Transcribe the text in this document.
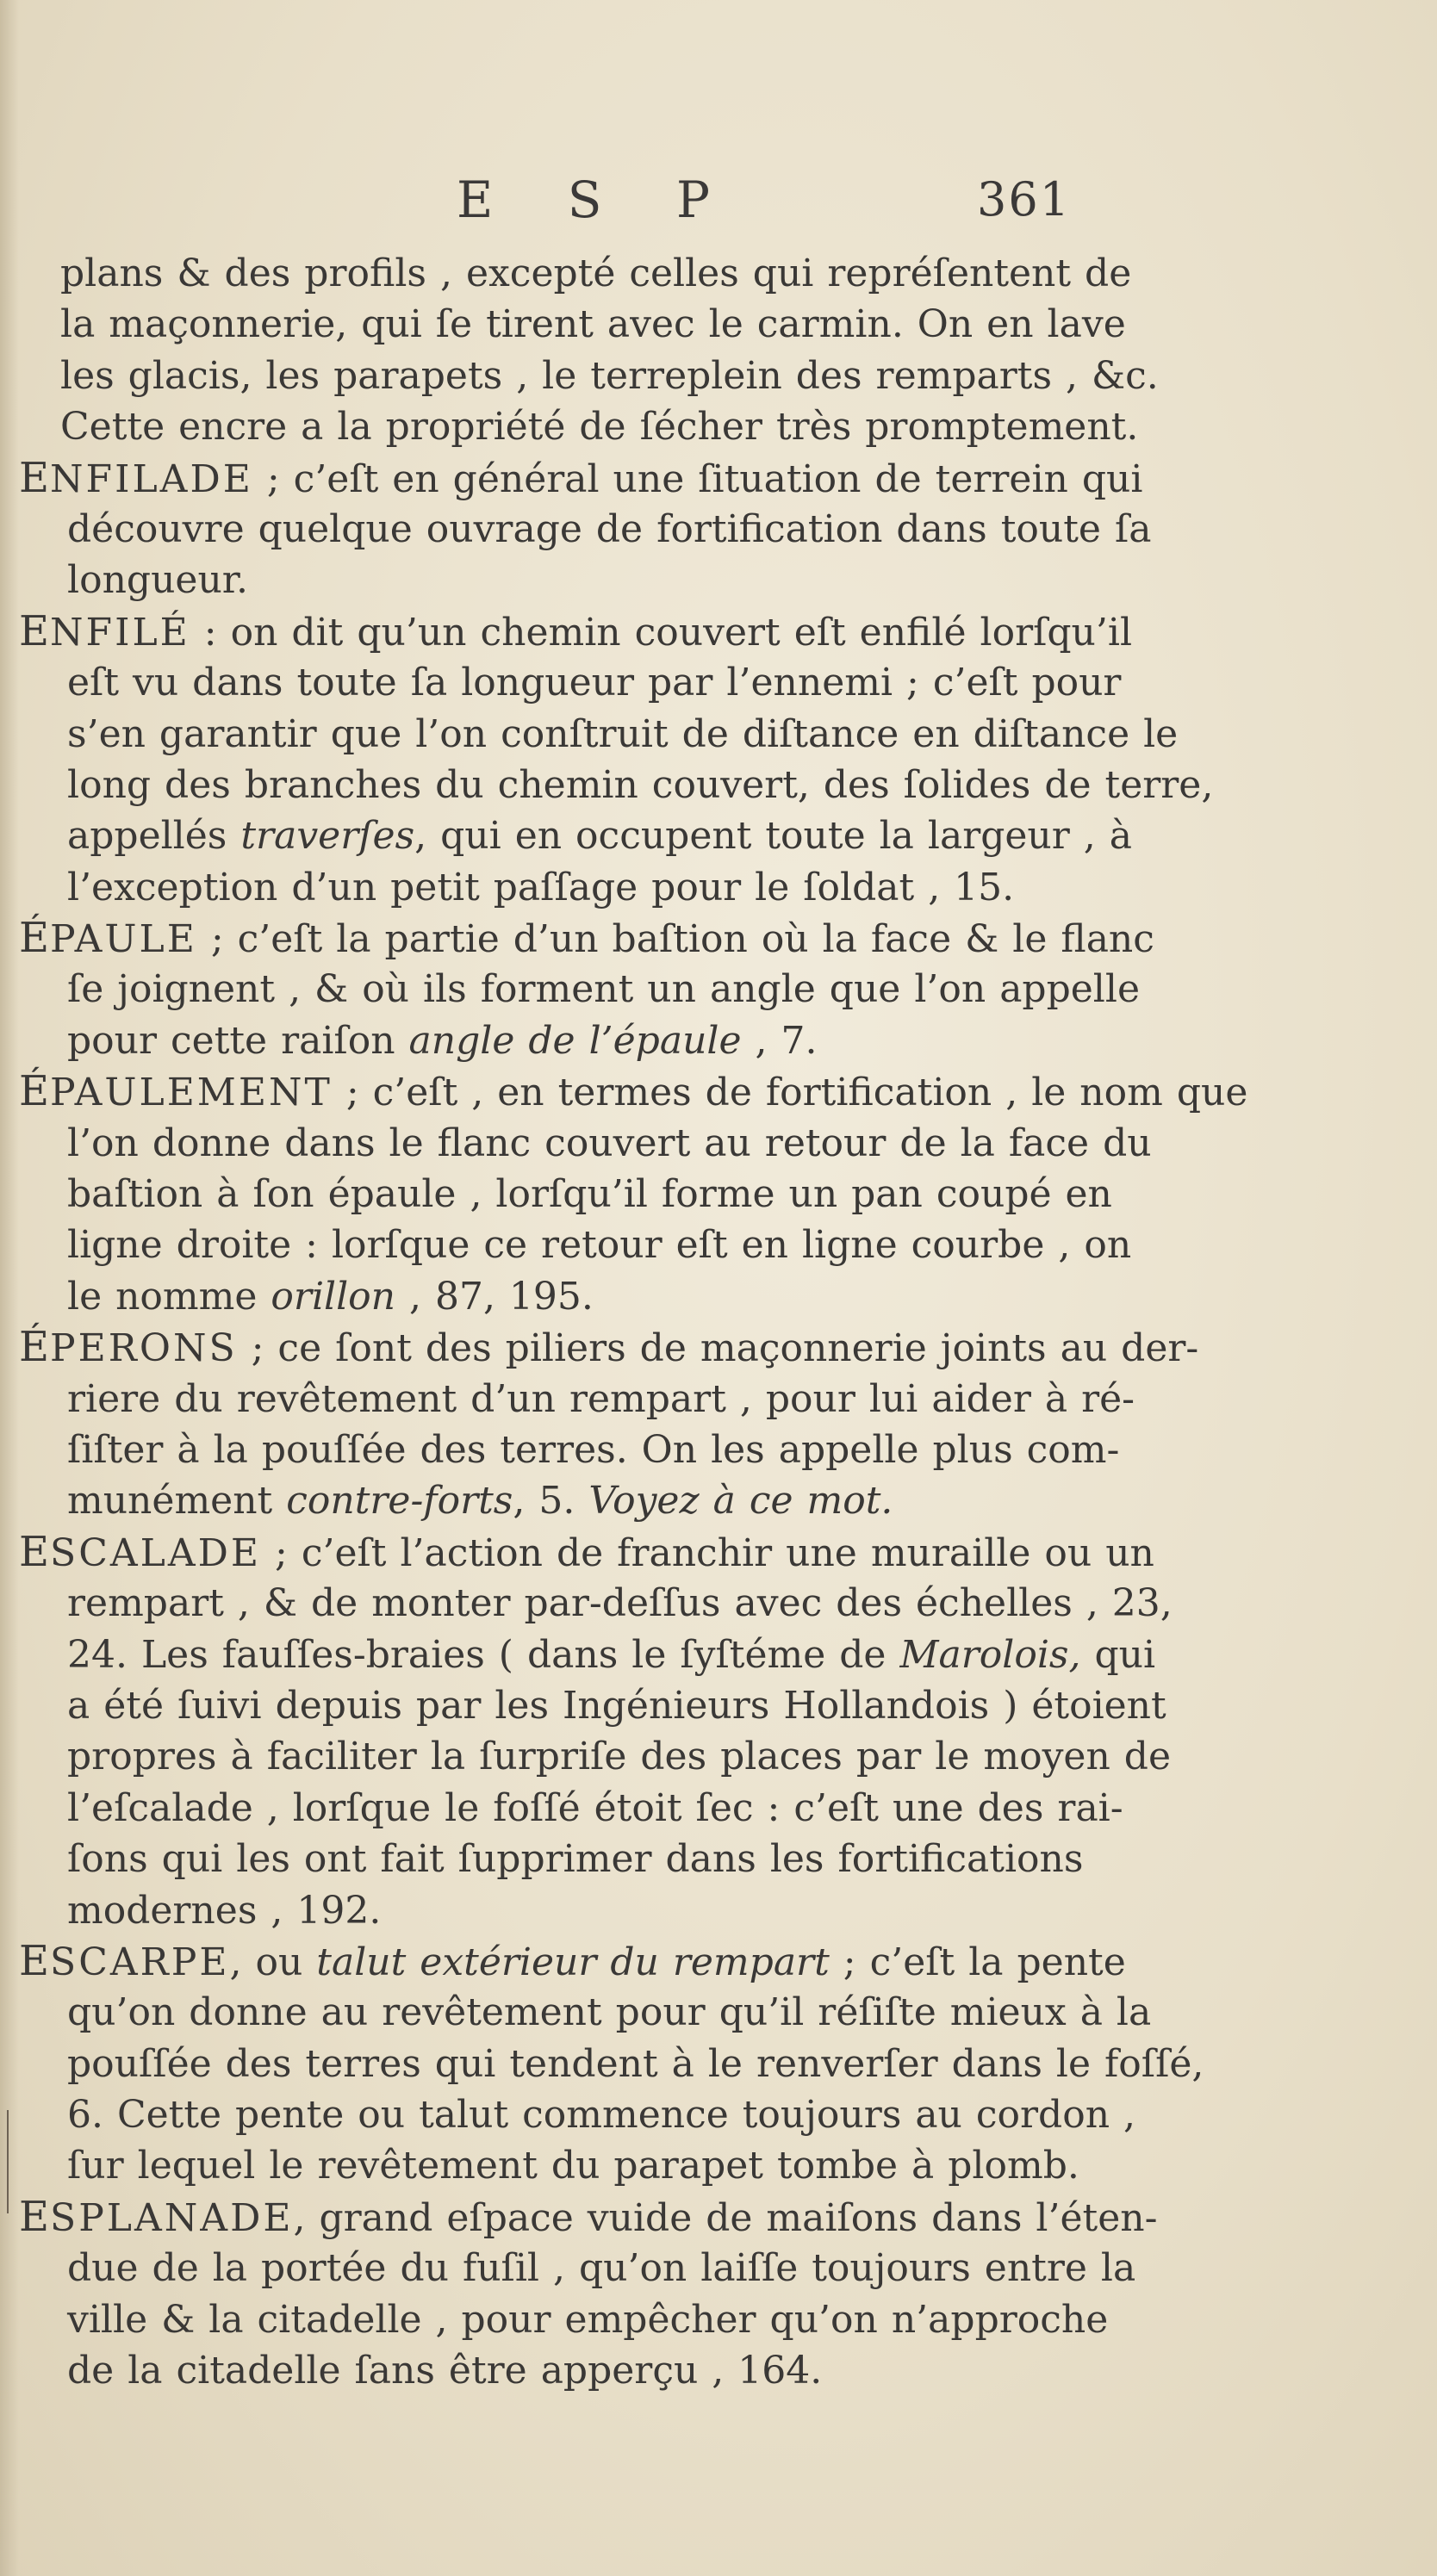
E S P	361
plans & des profils , excepté celles qui repréſentent de
la maçonnerie, qui ſe tirent avec le carmin. On en lave
les glacis, les parapets , le terreplein des remparts , &c.
Cette encre a la propriété de ſécher très promptement.
ENFILADE ; c’eſt en général une ſituation de terrein qui
découvre quelque ouvrage de fortification dans toute ſa
longueur.
ENFILÉ : on dit qu’un chemin couvert eſt enfilé lorſqu’il
eſt vu dans toute ſa longueur par l’ennemi ; c’eſt pour
s’en garantir que l’on conſtruit de diſtance en diſtance le
long des branches du chemin couvert, des ſolides de terre,
appellés traverſes, qui en occupent toute la largeur , à
l’exception d’un petit paſſage pour le ſoldat , 15.
ÉPAULE ; c’eſt la partie d’un baſtion où la face & le flanc
ſe joignent , & où ils forment un angle que l’on appelle
pour cette raiſon angle de l’épaule , 7.
ÉPAULEMENT ; c’eſt , en termes de fortification , le nom que
l’on donne dans le flanc couvert au retour de la face du
baſtion à ſon épaule , lorſqu’il forme un pan coupé en
ligne droite : lorſque ce retour eſt en ligne courbe , on
le nomme orillon , 87, 195.
ÉPERONS ; ce ſont des piliers de maçonnerie joints au der-
riere du revêtement d’un rempart , pour lui aider à ré-
ſiſter à la pouſſée des terres. On les appelle plus com-
munément contre-forts, 5. Voyez à ce mot.
ESCALADE ; c’eſt l’action de franchir une muraille ou un
rempart , & de monter par-deſſus avec des échelles , 23,
24. Les fauſſes-braies ( dans le ſyſtéme de Marolois, qui
a été ſuivi depuis par les Ingénieurs Hollandois ) étoient
propres à faciliter la ſurpriſe des places par le moyen de
l’eſcalade , lorſque le foſſé étoit ſec : c’eſt une des rai-
ſons qui les ont fait ſupprimer dans les fortifications
modernes , 192.
ESCARPE, ou talut extérieur du rempart ; c’eſt la pente
qu’on donne au revêtement pour qu’il réſiſte mieux à la
pouſſée des terres qui tendent à le renverſer dans le foſſé,
6. Cette pente ou talut commence toujours au cordon ,
ſur lequel le revêtement du parapet tombe à plomb.
ESPLANADE, grand eſpace vuide de maiſons dans l’éten-
due de la portée du fuſil , qu’on laiſſe toujours entre la
ville & la citadelle , pour empêcher qu’on n’approche
de la citadelle ſans être apperçu , 164.
